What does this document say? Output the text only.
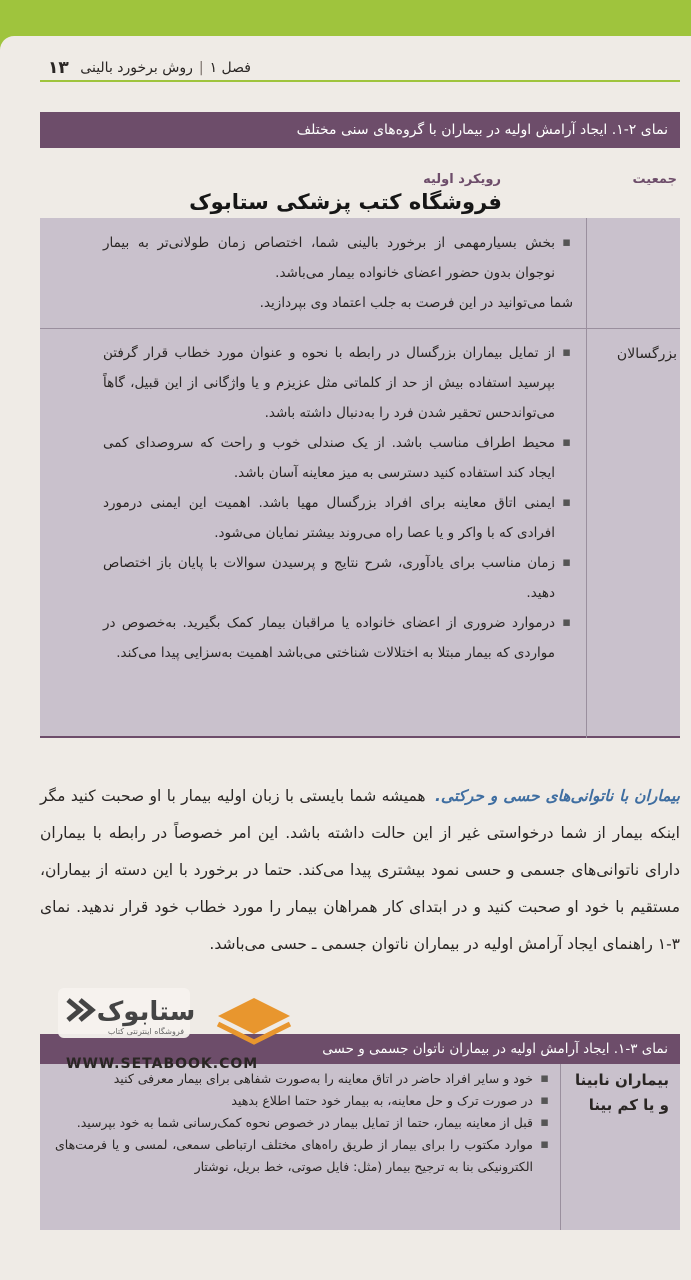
فصل ۱|روش برخورد بالینی
۱۳
نمای ۲-۱. ایجاد آرامش اولیه در بیماران با گروه‌های سنی مختلف
جمعیت
رویکرد اولیه
فروشگاه کتب پزشکی ستابوک
▪ بخش بسیارمهمی از برخورد بالینی شما، اختصاص زمان طولانی‌تر به بیمار نوجوان بدون حضور اعضای خانواده بیمار می‌باشد.
شما می‌توانید در این فرصت به جلب اعتماد وی بپردازید.
بزرگسالان
▪ از تمایل بیماران بزرگسال در رابطه با نحوه و عنوان مورد خطاب قرار گرفتن بپرسید استفاده بیش از حد از کلماتی مثل عزیزم و یا واژگانی از این قبیل، گاهاً می‌تواندحس تحقیر شدن فرد را به‌دنبال داشته باشد.
▪ محیط اطراف مناسب باشد. از یک صندلی خوب و راحت که سروصدای کمی ایجاد کند استفاده کنید دسترسی به میز معاینه آسان باشد.
▪ ایمنی اتاق معاینه برای افراد بزرگسال مهیا باشد. اهمیت این ایمنی درمورد افرادی که با واکر و یا عصا راه می‌روند بیشتر نمایان می‌شود.
▪ زمان مناسب برای یادآوری، شرح نتایج و پرسیدن سوالات با پایان باز اختصاص دهید.
▪ درموارد ضروری از اعضای خانواده یا مراقبان بیمار کمک بگیرید. به‌خصوص در مواردی که بیمار مبتلا به اختلالات شناختی می‌باشد اهمیت به‌سزایی پیدا می‌کند.

بیماران با ناتوانی‌های حسی و حرکتی. همیشه شما بایستی با زبان اولیه بیمار با او صحبت کنید مگر اینکه بیمار از شما درخواستی غیر از این حالت داشته باشد. این امر خصوصاً در رابطه با بیماران دارای ناتوانی‌های جسمی و حسی نمود بیشتری پیدا می‌کند. حتما در برخورد با این دسته از بیماران، مستقیم با خود او صحبت کنید و در ابتدای کار همراهان بیمار را مورد خطاب خود قرار ندهید. نمای ۳-۱ راهنمای ایجاد آرامش اولیه در بیماران ناتوان جسمی ـ حسی می‌باشد.

نمای ۳-۱. ایجاد آرامش اولیه در بیماران ناتوان جسمی و حسی
بیماران نابینا و یا کم بینا
▪ خود و سایر افراد حاضر در اتاق معاینه را به‌صورت شفاهی برای بیمار معرفی کنید
▪ در صورت ترک و حل معاینه، به بیمار خود حتما اطلاع بدهید
▪ قبل از معاینه بیمار، حتما از تمایل بیمار در خصوص نحوه کمک‌رسانی شما به خود بپرسید.
▪ موارد مکتوب را برای بیمار از طریق راه‌های مختلف ارتباطی سمعی، لمسی و یا فرمت‌های الکترونیکی بنا به ترجیح بیمار (مثل: فایل صوتی، خط بریل، نوشتار
ستابوک
فروشگاه اینترنتی کتاب
WWW.SETABOOK.COM
